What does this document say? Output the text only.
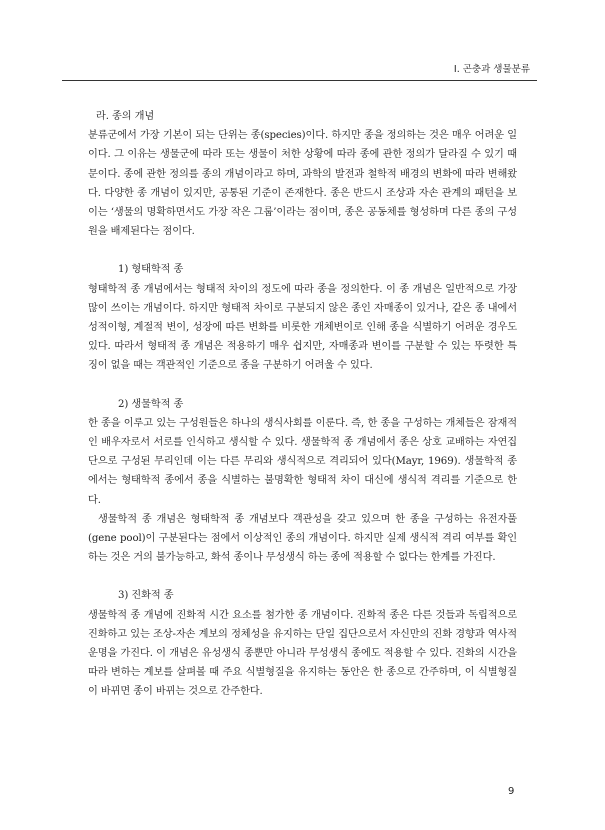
Ⅰ. 곤충과 생물분류

라. 종의 개념

분류군에서 가장 기본이 되는 단위는 종(species)이다. 하지만 종을 정의하는 것은 매우 어려운 일이다. 그 이유는 생물군에 따라 또는 생물이 처한 상황에 따라 종에 관한 정의가 달라질 수 있기 때문이다. 종에 관한 정의를 종의 개념이라고 하며, 과학의 발전과 철학적 배경의 변화에 따라 변해왔다. 다양한 종 개념이 있지만, 공통된 기준이 존재한다. 종은 반드시 조상과 자손 관계의 패턴을 보이는 ‘생물의 명확하면서도 가장 작은 그룹’이라는 점이며, 종은 공동체를 형성하며 다른 종의 구성원을 배제된다는 점이다.

1) 형태학적 종

형태학적 종 개념에서는 형태적 차이의 정도에 따라 종을 정의한다. 이 종 개념은 일반적으로 가장 많이 쓰이는 개념이다. 하지만 형태적 차이로 구분되지 않은 종인 자매종이 있거나, 같은 종 내에서 성적이형, 계절적 변이, 성장에 따른 변화를 비롯한 개체변이로 인해 종을 식별하기 어려운 경우도 있다. 따라서 형태적 종 개념은 적용하기 매우 쉽지만, 자매종과 변이를 구분할 수 있는 뚜렷한 특징이 없을 때는 객관적인 기준으로 종을 구분하기 어려울 수 있다.

2) 생물학적 종

한 종을 이루고 있는 구성원들은 하나의 생식사회를 이룬다. 즉, 한 종을 구성하는 개체들은 잠재적인 배우자로서 서로를 인식하고 생식할 수 있다. 생물학적 종 개념에서 종은 상호 교배하는 자연집단으로 구성된 무리인데 이는 다른 무리와 생식적으로 격리되어 있다(Mayr, 1969). 생물학적 종에서는 형태학적 종에서 종을 식별하는 불명확한 형태적 차이 대신에 생식적 격리를 기준으로 한다.

생물학적 종 개념은 형태학적 종 개념보다 객관성을 갖고 있으며 한 종을 구성하는 유전자풀(gene pool)이 구분된다는 점에서 이상적인 종의 개념이다. 하지만 실제 생식적 격리 여부를 확인하는 것은 거의 불가능하고, 화석 종이나 무성생식 하는 종에 적용할 수 없다는 한계를 가진다.

3) 진화적 종

생물학적 종 개념에 진화적 시간 요소를 첨가한 종 개념이다. 진화적 종은 다른 것들과 독립적으로 진화하고 있는 조상-자손 계보의 정체성을 유지하는 단일 집단으로서 자신만의 진화 경향과 역사적 운명을 가진다. 이 개념은 유성생식 종뿐만 아니라 무성생식 종에도 적용할 수 있다. 진화의 시간을 따라 변하는 계보를 살펴볼 때 주요 식별형질을 유지하는 동안은 한 종으로 간주하며, 이 식별형질이 바뀌면 종이 바뀌는 것으로 간주한다.

9
